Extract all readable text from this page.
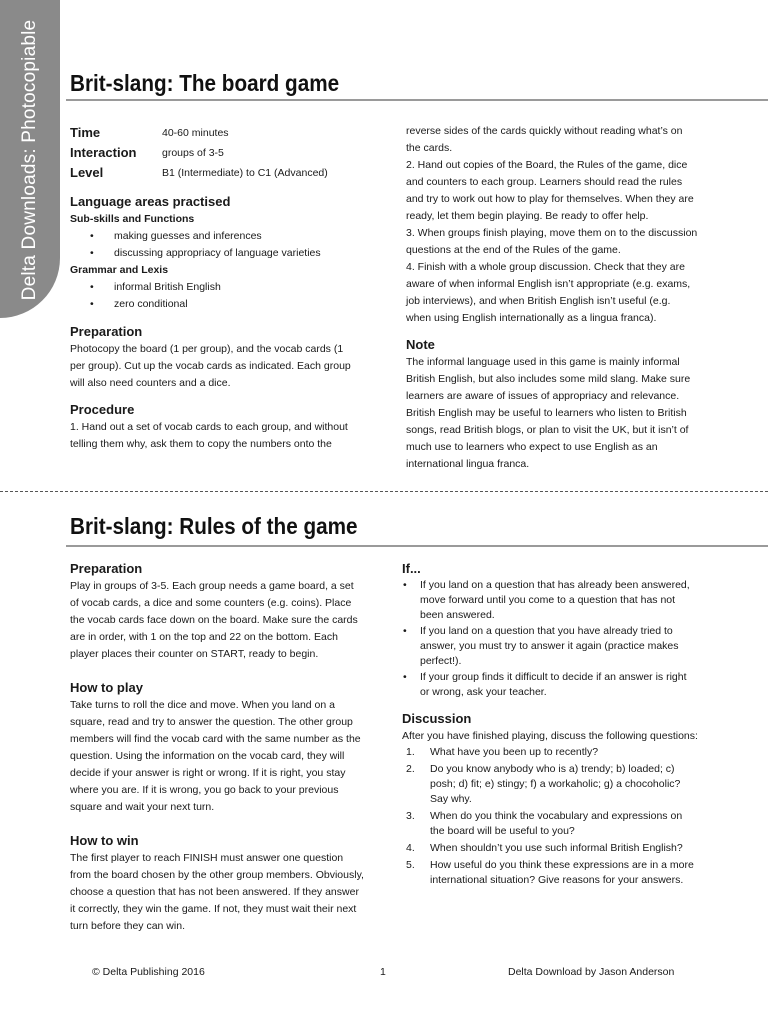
Delta Downloads: Photocopiable Brit-slang: The board game
Time	40-60 minutes
Interaction	groups of 3-5
Level	B1 (Intermediate) to C1 (Advanced)
Language areas practised
Sub-skills and Functions
• making guesses and inferences
• discussing appropriacy of language varieties
Grammar and Lexis
• informal British English
• zero conditional
Preparation
Photocopy the board (1 per group), and the vocab cards (1 per group). Cut up the vocab cards as indicated. Each group will also need counters and a dice.
Procedure
1. Hand out a set of vocab cards to each group, and without telling them why, ask them to copy the numbers onto the
reverse sides of the cards quickly without reading what’s on the cards.
2. Hand out copies of the Board, the Rules of the game, dice and counters to each group. Learners should read the rules and try to work out how to play for themselves. When they are ready, let them begin playing. Be ready to offer help.
3. When groups finish playing, move them on to the discussion questions at the end of the Rules of the game.
4. Finish with a whole group discussion. Check that they are aware of when informal English isn’t appropriate (e.g. exams, job interviews), and when British English isn’t useful (e.g. when using English internationally as a lingua franca).
Note
The informal language used in this game is mainly informal British English, but also includes some mild slang. Make sure learners are aware of issues of appropriacy and relevance. British English may be useful to learners who listen to British songs, read British blogs, or plan to visit the UK, but it isn’t of much use to learners who expect to use English as an international lingua franca.
Brit-slang: Rules of the game
Preparation
Play in groups of 3-5. Each group needs a game board, a set of vocab cards, a dice and some counters (e.g. coins). Place the vocab cards face down on the board. Make sure the cards are in order, with 1 on the top and 22 on the bottom. Each player places their counter on START, ready to begin.
How to play
Take turns to roll the dice and move. When you land on a square, read and try to answer the question. The other group members will find the vocab card with the same number as the question. Using the information on the vocab card, they will decide if your answer is right or wrong. If it is right, you stay where you are. If it is wrong, you go back to your previous square and wait your next turn.
How to win
The first player to reach FINISH must answer one question from the board chosen by the other group members. Obviously, choose a question that has not been answered. If they answer it correctly, they win the game. If not, they must wait their next turn before they can win.
If...
• If you land on a question that has already been answered, move forward until you come to a question that has not been answered.
• If you land on a question that you have already tried to answer, you must try to answer it again (practice makes perfect!).
• If your group finds it difficult to decide if an answer is right or wrong, ask your teacher.
Discussion
After you have finished playing, discuss the following questions:
1. What have you been up to recently?
2. Do you know anybody who is a) trendy; b) loaded; c) posh; d) fit; e) stingy; f) a workaholic; g) a chocoholic? Say why.
3. When do you think the vocabulary and expressions on the board will be useful to you?
4. When shouldn’t you use such informal British English?
5. How useful do you think these expressions are in a more international situation? Give reasons for your answers.
© Delta Publishing 2016	1	Delta Download by Jason Anderson
